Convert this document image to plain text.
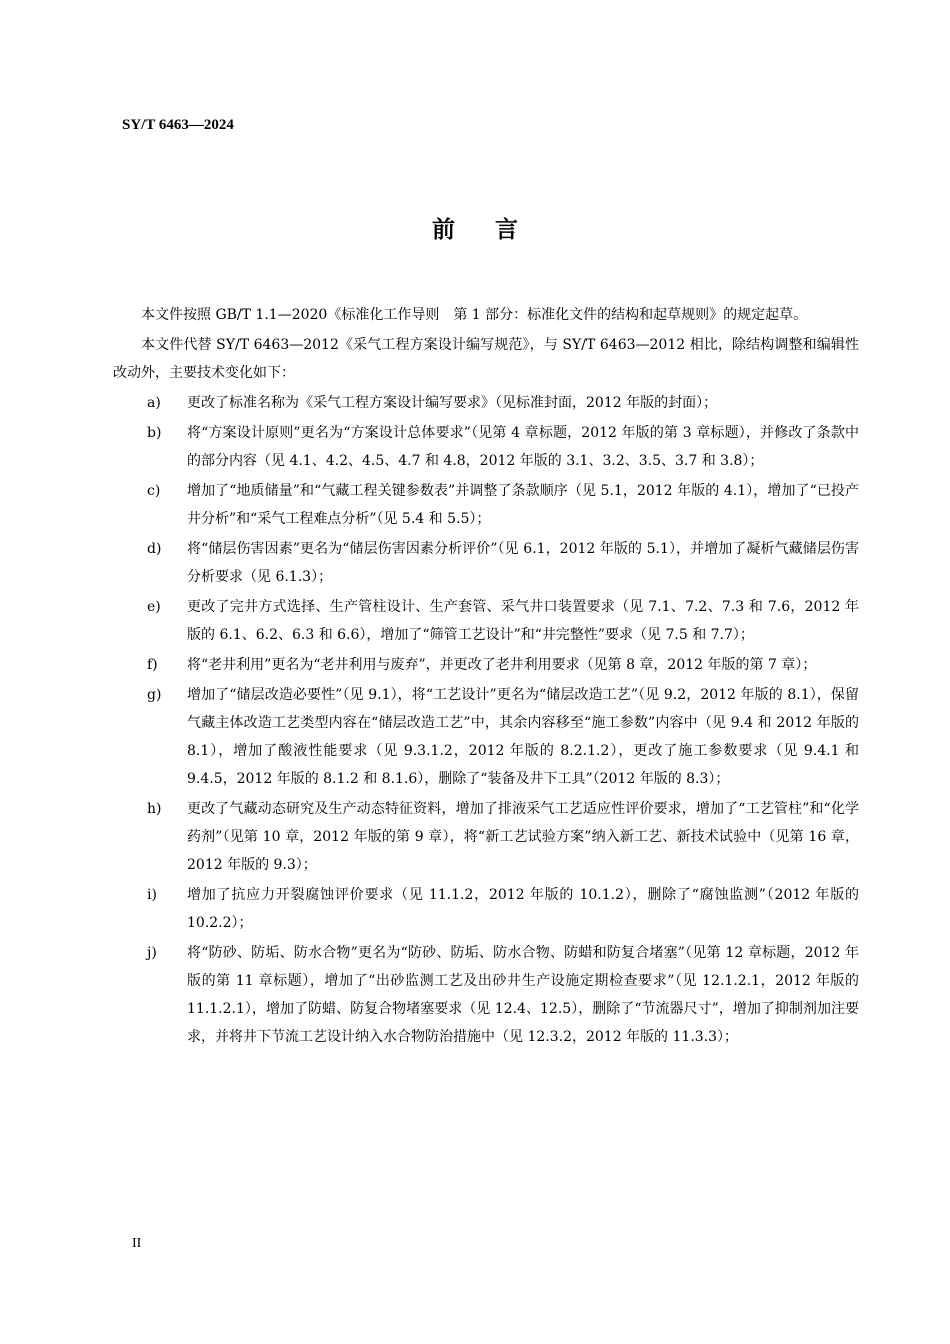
SY/T 6463—2024
前言

本文件按照 GB/T 1.1—2020《标准化工作导则　第 1 部分：标准化文件的结构和起草规则》的规定起草。

本文件代替 SY/T 6463—2012《采气工程方案设计编写规范》，与 SY/T 6463—2012 相比，除结构调整和编辑性改动外，主要技术变化如下：

a)	更改了标准名称为《采气工程方案设计编写要求》（见标准封面，2012 年版的封面）；
b)	将“方案设计原则”更名为“方案设计总体要求”（见第 4 章标题，2012 年版的第 3 章标题），并修改了条款中的部分内容（见 4.1、4.2、4.5、4.7 和 4.8，2012 年版的 3.1、3.2、3.5、3.7 和 3.8）；
c)	增加了“地质储量”和“气藏工程关键参数表”并调整了条款顺序（见 5.1，2012 年版的 4.1），增加了“已投产井分析”和“采气工程难点分析”（见 5.4 和 5.5）；
d)	将“储层伤害因素”更名为“储层伤害因素分析评价”（见 6.1，2012 年版的 5.1），并增加了凝析气藏储层伤害分析要求（见 6.1.3）；
e)	更改了完井方式选择、生产管柱设计、生产套管、采气井口装置要求（见 7.1、7.2、7.3 和 7.6，2012 年版的 6.1、6.2、6.3 和 6.6），增加了“筛管工艺设计”和“井完整性”要求（见 7.5 和 7.7）；
f)	将“老井利用”更名为“老井利用与废弃”，并更改了老井利用要求（见第 8 章，2012 年版的第 7 章）；
g)	增加了“储层改造必要性”（见 9.1），将“工艺设计”更名为“储层改造工艺”（见 9.2，2012 年版的 8.1），保留气藏主体改造工艺类型内容在“储层改造工艺”中，其余内容移至“施工参数”内容中（见 9.4 和 2012 年版的 8.1），增加了酸液性能要求（见 9.3.1.2，2012 年版的 8.2.1.2），更改了施工参数要求（见 9.4.1 和 9.4.5，2012 年版的 8.1.2 和 8.1.6），删除了“装备及井下工具”（2012 年版的 8.3）；
h)	更改了气藏动态研究及生产动态特征资料，增加了排液采气工艺适应性评价要求，增加了“工艺管柱”和“化学药剂”（见第 10 章，2012 年版的第 9 章），将“新工艺试验方案”纳入新工艺、新技术试验中（见第 16 章，2012 年版的 9.3）；
i)	增加了抗应力开裂腐蚀评价要求（见 11.1.2，2012 年版的 10.1.2），删除了“腐蚀监测”（2012 年版的 10.2.2）；
j)	将“防砂、防垢、防水合物”更名为“防砂、防垢、防水合物、防蜡和防复合堵塞”（见第 12 章标题，2012 年版的第 11 章标题），增加了“出砂监测工艺及出砂井生产设施定期检查要求”（见 12.1.2.1，2012 年版的 11.1.2.1），增加了防蜡、防复合物堵塞要求（见 12.4、12.5），删除了“节流器尺寸”，增加了抑制剂加注要求，并将井下节流工艺设计纳入水合物防治措施中（见 12.3.2，2012 年版的 11.3.3）；
II
